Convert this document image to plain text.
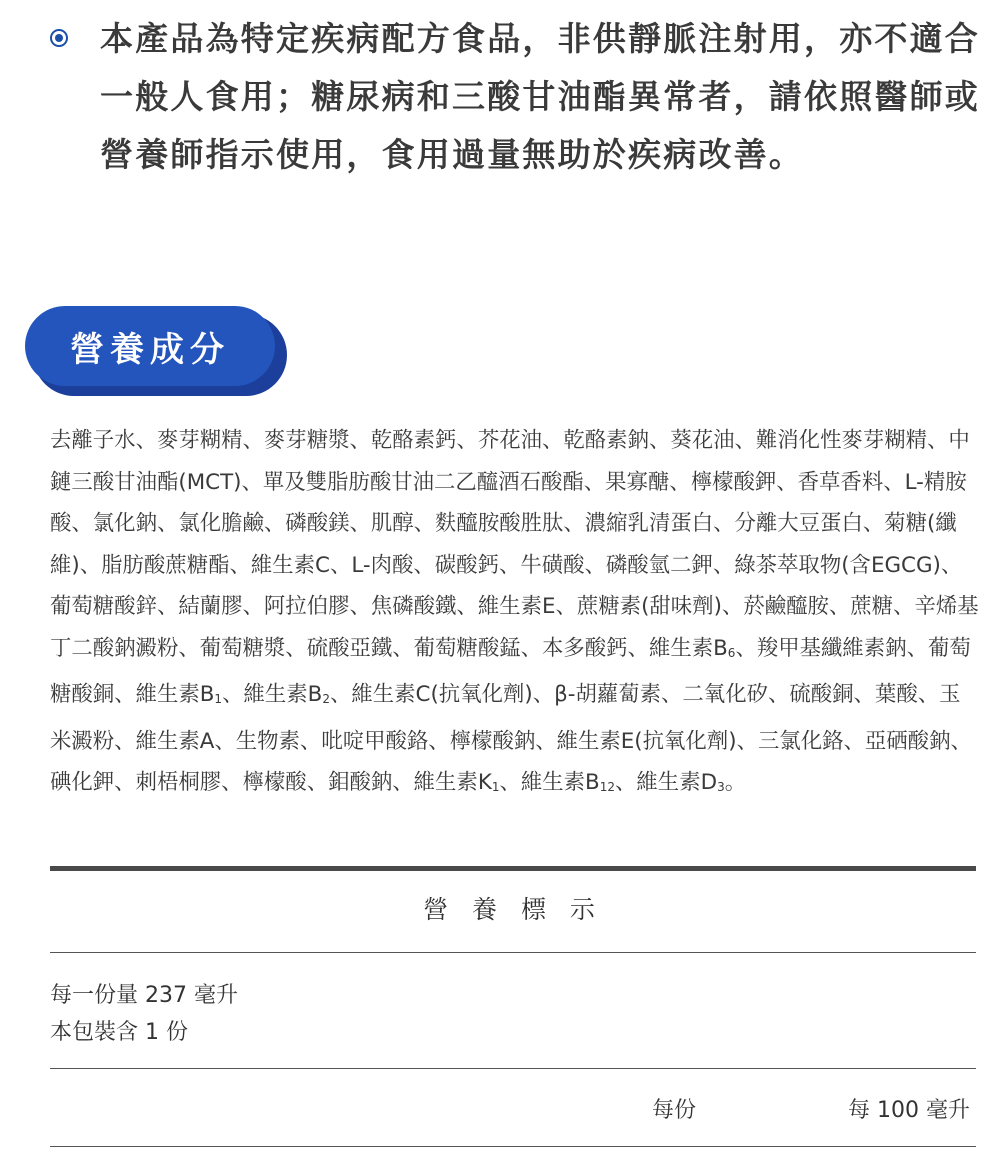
本產品為特定疾病配方食品，非供靜脈注射用，亦不適合一般人食用；糖尿病和三酸甘油酯異常者，請依照醫師或營養師指示使用，食用過量無助於疾病改善。
營養成分
去離子水、麥芽糊精、麥芽糖漿、乾酪素鈣、芥花油、乾酪素鈉、葵花油、難消化性麥芽糊精、中鏈三酸甘油酯(MCT)、單及雙脂肪酸甘油二乙醯酒石酸酯、果寡醣、檸檬酸鉀、香草香料、L-精胺酸、氯化鈉、氯化膽鹼、磷酸鎂、肌醇、麩醯胺酸胜肽、濃縮乳清蛋白、分離大豆蛋白、菊糖(纖維)、脂肪酸蔗糖酯、維生素C、L-肉酸、碳酸鈣、牛磺酸、磷酸氫二鉀、綠茶萃取物(含EGCG)、葡萄糖酸鋅、結蘭膠、阿拉伯膠、焦磷酸鐵、維生素E、蔗糖素(甜味劑)、菸鹼醯胺、蔗糖、辛烯基丁二酸鈉澱粉、葡萄糖漿、硫酸亞鐵、葡萄糖酸錳、本多酸鈣、維生素$B_6$、羧甲基纖維素鈉、葡萄糖酸銅、維生素$B_1$、維生素$B_2$、維生素C(抗氧化劑)、β-胡蘿蔔素、二氧化矽、硫酸銅、葉酸、玉米澱粉、維生素A、生物素、吡啶甲酸鉻、檸檬酸鈉、維生素E(抗氧化劑)、三氯化鉻、亞硒酸鈉、碘化鉀、刺梧桐膠、檸檬酸、鉬酸鈉、維生素$K_1$、維生素$B_{12}$、維生素$D_3$。
營 養 標 示
每一份量 237 毫升
本包裝含 1 份
每份	每 100 毫升
